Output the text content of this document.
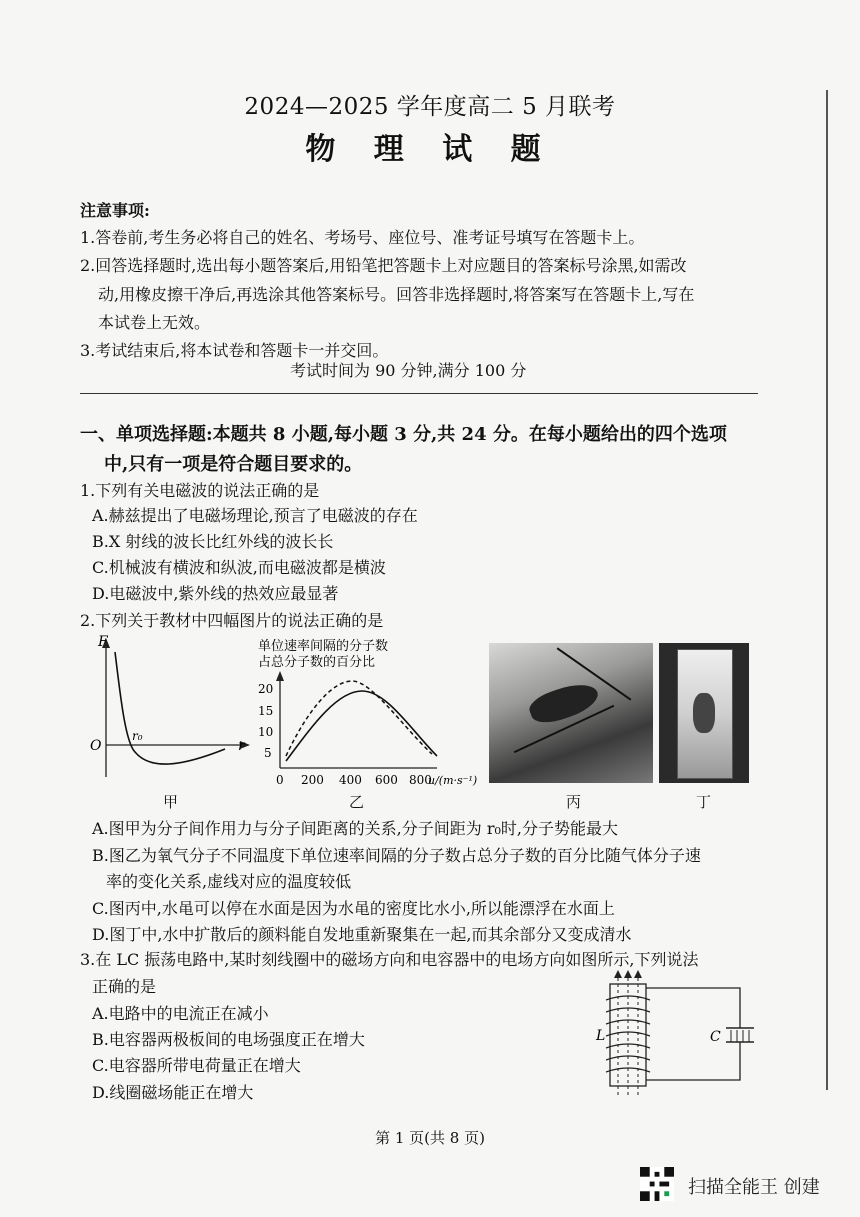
2024—2025 学年度高二 5 月联考
物 理 试 题
注意事项:
1.答卷前,考生务必将自己的姓名、考场号、座位号、准考证号填写在答题卡上。
2.回答选择题时,选出每小题答案后,用铅笔把答题卡上对应题目的答案标号涂黑,如需改
动,用橡皮擦干净后,再选涂其他答案标号。回答非选择题时,将答案写在答题卡上,写在
本试卷上无效。
3.考试结束后,将本试卷和答题卡一并交回。
考试时间为 90 分钟,满分 100 分
一、单项选择题:本题共 8 小题,每小题 3 分,共 24 分。在每小题给出的四个选项
中,只有一项是符合题目要求的。
1.下列有关电磁波的说法正确的是
A.赫兹提出了电磁场理论,预言了电磁波的存在
B.X 射线的波长比红外线的波长长
C.机械波有横波和纵波,而电磁波都是横波
D.电磁波中,紫外线的热效应最显著
2.下列关于教材中四幅图片的说法正确的是
F
O	r
r₀
甲
单位速率间隔的分子数
占总分子数的百分比
20
15
10
5
0 200 400 600 800
u/(m·s⁻¹)
乙	丙	丁
A.图甲为分子间作用力与分子间距离的关系,分子间距为 r₀时,分子势能最大
B.图乙为氧气分子不同温度下单位速率间隔的分子数占总分子数的百分比随气体分子速
率的变化关系,虚线对应的温度较低
C.图丙中,水黾可以停在水面是因为水黾的密度比水小,所以能漂浮在水面上
D.图丁中,水中扩散后的颜料能自发地重新聚集在一起,而其余部分又变成清水
3.在 LC 振荡电路中,某时刻线圈中的磁场方向和电容器中的电场方向如图所示,下列说法
正确的是
A.电路中的电流正在减小
B.电容器两极板间的电场强度正在增大
C.电容器所带电荷量正在增大
D.线圈磁场能正在增大
L	C
第 1 页(共 8 页)
扫描全能王 创建
